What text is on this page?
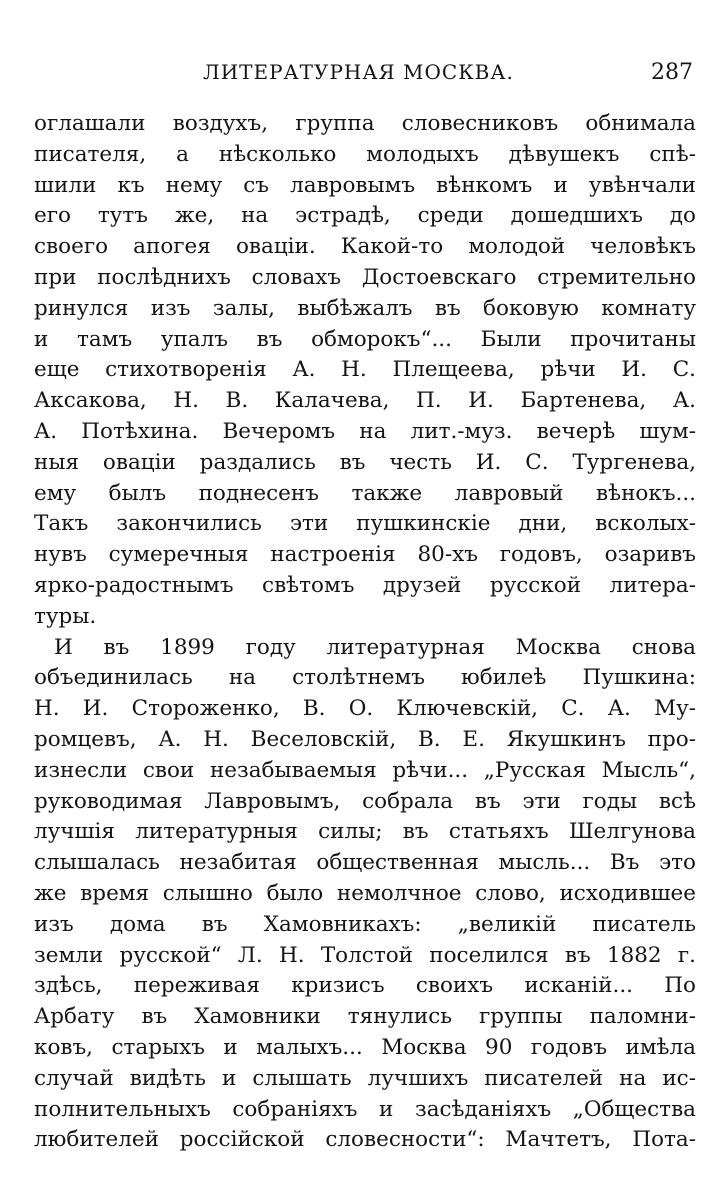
ЛИТЕРАТУРНАЯ МОСКВА.	287
оглашали воздухъ, группа словесниковъ обнимала
писателя, а нѣсколько молодыхъ дѣвушекъ спѣ-
шили къ нему съ лавровымъ вѣнкомъ и увѣнчали
его тутъ же, на эстрадѣ, среди дошедшихъ до
своего апогея оваціи. Какой-то молодой человѣкъ
при послѣднихъ словахъ Достоевскаго стремительно
ринулся изъ залы, выбѣжалъ въ боковую комнату
и тамъ упалъ въ обморокъ“... Были прочитаны
еще стихотворенія А. Н. Плещеева, рѣчи И. С.
Аксакова, Н. В. Калачева, П. И. Бартенева, А.
А. Потѣхина. Вечеромъ на лит.-муз. вечерѣ шум-
ныя оваціи раздались въ честь И. С. Тургенева,
ему былъ поднесенъ также лавровый вѣнокъ...
Такъ закончились эти пушкинскіе дни, всколых-
нувъ сумеречныя настроенія 80-хъ годовъ, озаривъ
ярко-радостнымъ свѣтомъ друзей русской литера-
туры.
И въ 1899 году литературная Москва снова
объединилась на столѣтнемъ юбилеѣ Пушкина:
Н. И. Стороженко, В. О. Ключевскій, С. А. Му-
ромцевъ, А. Н. Веселовскій, В. Е. Якушкинъ про-
изнесли свои незабываемыя рѣчи... „Русская Мысль“,
руководимая Лавровымъ, собрала въ эти годы всѣ
лучшія литературныя силы; въ статьяхъ Шелгунова
слышалась незабитая общественная мысль... Въ это
же время слышно было немолчное слово, исходившее
изъ дома въ Хамовникахъ: „великій писатель
земли русской“ Л. Н. Толстой поселился въ 1882 г.
здѣсь, переживая кризисъ своихъ исканій... По
Арбату въ Хамовники тянулись группы паломни-
ковъ, старыхъ и малыхъ... Москва 90 годовъ имѣла
случай видѣть и слышать лучшихъ писателей на ис-
полнительныхъ собраніяхъ и засѣданіяхъ „Общества
любителей россійской словесности“: Мачтетъ, Пота-
